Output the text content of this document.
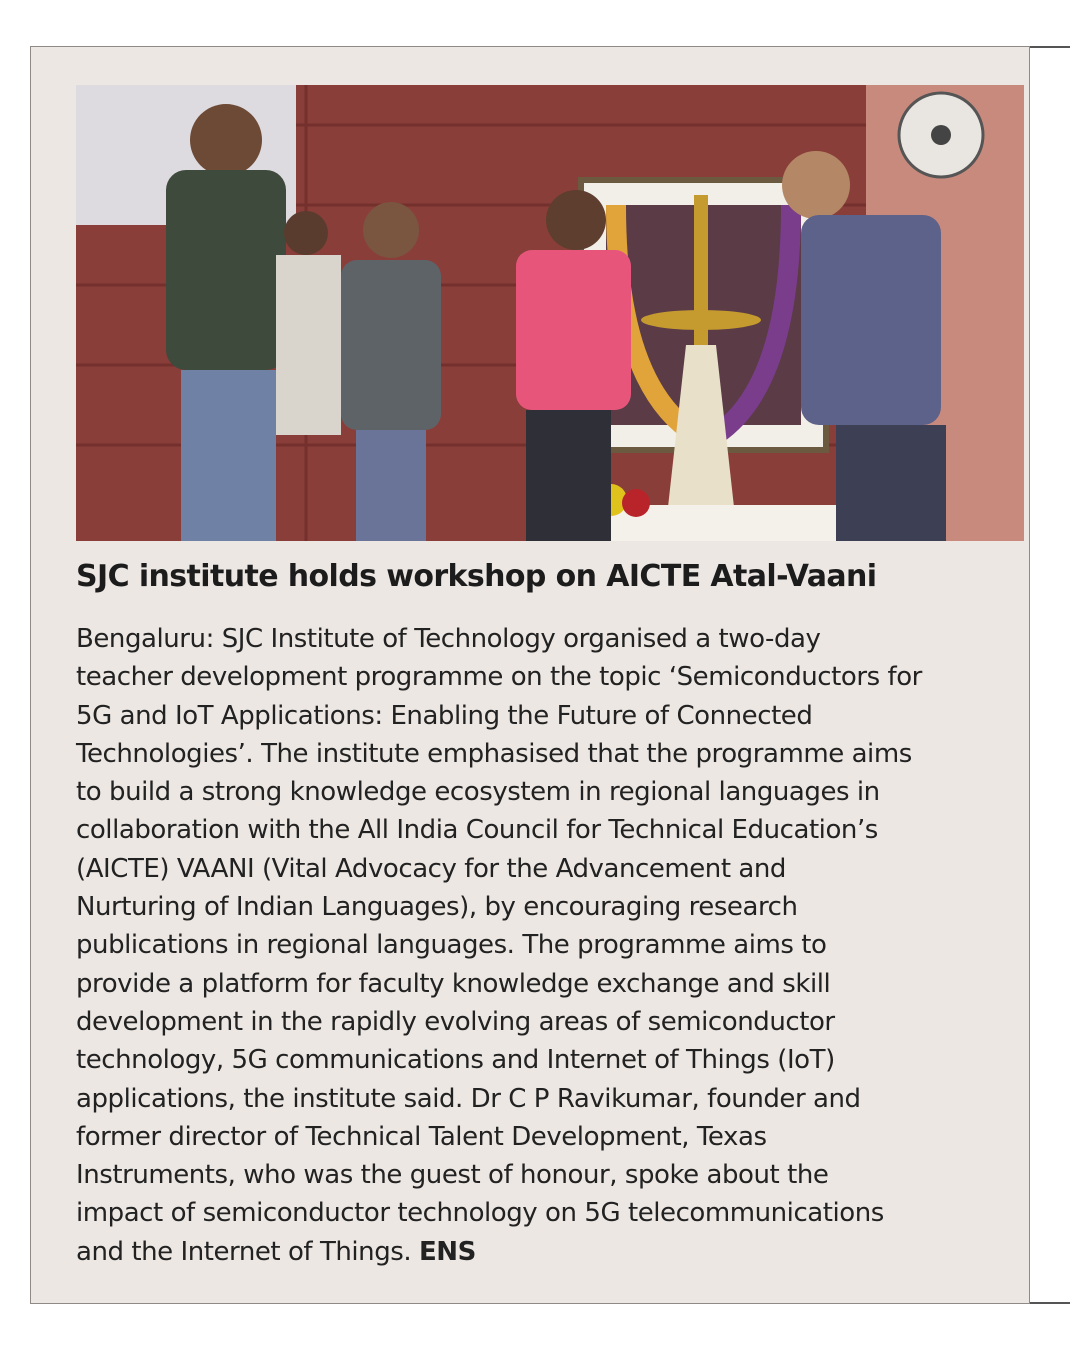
SJC institute holds workshop on AICTE Atal-Vaani

Bengaluru: SJC Institute of Technology organised a two-day
teacher development programme on the topic ‘Semiconductors for
5G and IoT Applications: Enabling the Future of Connected
Technologies’. The institute emphasised that the programme aims
to build a strong knowledge ecosystem in regional languages in
collaboration with the All India Council for Technical Education’s
(AICTE) VAANI (Vital Advocacy for the Advancement and
Nurturing of Indian Languages), by encouraging research
publications in regional languages. The programme aims to
provide a platform for faculty knowledge exchange and skill
development in the rapidly evolving areas of semiconductor
technology, 5G communications and Internet of Things (IoT)
applications, the institute said. Dr C P Ravikumar, founder and
former director of Technical Talent Development, Texas
Instruments, who was the guest of honour, spoke about the
impact of semiconductor technology on 5G telecommunications
and the Internet of Things. ENS
